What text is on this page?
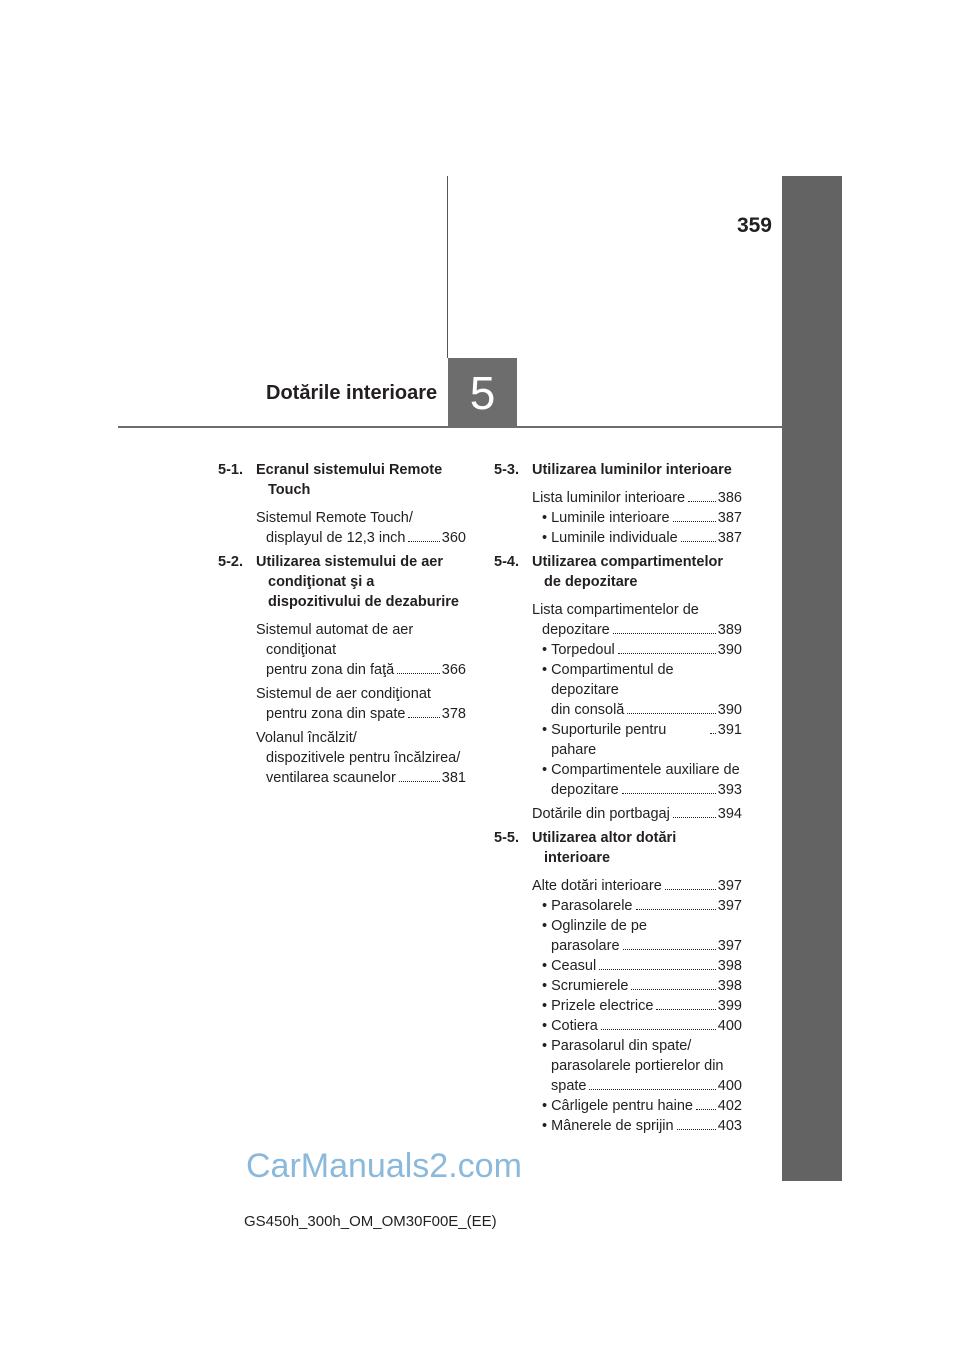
359
Dotările interioare 5
5-1. Ecranul sistemului Remote Touch
Sistemul Remote Touch/
displayul de 12,3 inch	360
5-2. Utilizarea sistemului de aer condiţionat şi a dispozitivului de dezaburire
Sistemul automat de aer
condiţionat
pentru zona din faţă	366
Sistemul de aer condiţionat
pentru zona din spate	378
Volanul încălzit/
dispozitivele pentru încălzirea/
ventilarea scaunelor	381
5-3. Utilizarea luminilor interioare
Lista luminilor interioare 386
• Luminile interioare	387
• Luminile individuale	387
5-4. Utilizarea compartimentelor de depozitare
Lista compartimentelor de
depozitare	389
• Torpedoul	390
• Compartimentul de depozitare
din consolă	390
• Suporturile pentru pahare
391
• Compartimentele auxiliare de
depozitare	393
Dotările din portbagaj	394
5-5. Utilizarea altor dotări interioare
Alte dotări interioare	397
• Parasolarele	397
• Oglinzile de pe
parasolare	397
• Ceasul	398
• Scrumierele	398
• Prizele electrice	399
• Cotiera	400
• Parasolarul din spate/
parasolarele portierelor din
spate	400
• Cârligele pentru haine 402
• Mânerele de sprijin	403
CarManuals2.com
GS450h_300h_OM_OM30F00E_(EE)
